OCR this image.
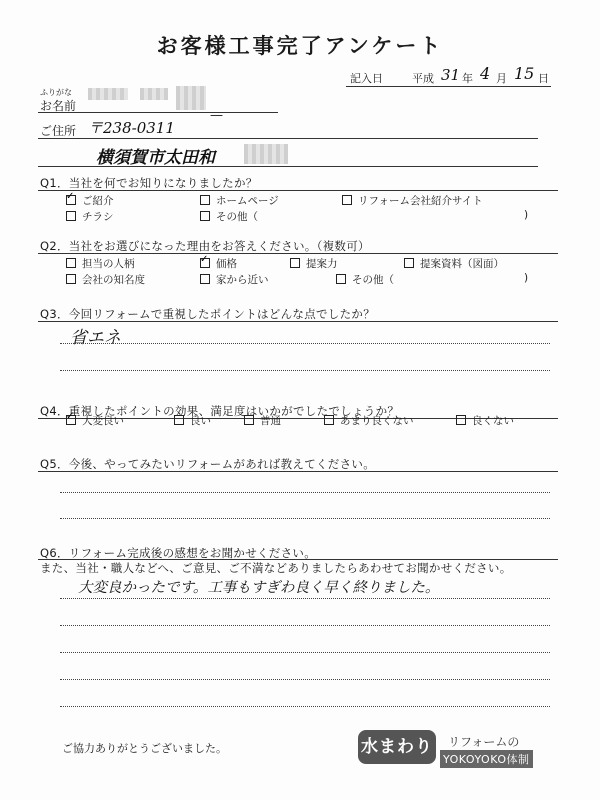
お客様工事完了アンケート
記入日	平成 31 年 4 月 15 日
ふりがな
お名前
ご住所 〒238-0311
—
横須賀市太田和
Q1．当社を何でお知りになりましたか？
✓ご紹介	ホームページ	リフォーム会社紹介サイト
チラシ	その他（	)
Q2．当社をお選びになった理由をお答えください。（複数可）
担当の人柄
✓	価格	提案力	提案資料（図面）
会社の知名度	家から近い	その他（	)
Q3．今回リフォームで重視したポイントはどんな点でしたか？
省エネ
Q4．重視したポイントの効果、満足度はいかがでしたでしょうか？
✓大変良い	良い	普通	あまり良くない	良くない
Q5．今後、やってみたいリフォームがあれば教えてください。
Q6．リフォーム完成後の感想をお聞かせください。
また、当社・職人などへ、ご意見、ご不満などありましたらあわせてお聞かせください。
大変良かったです。工事もすぎわ良く早く終りました。
ご協力ありがとうございました。	水まわり リフォームの
YOKOYOKO体制
